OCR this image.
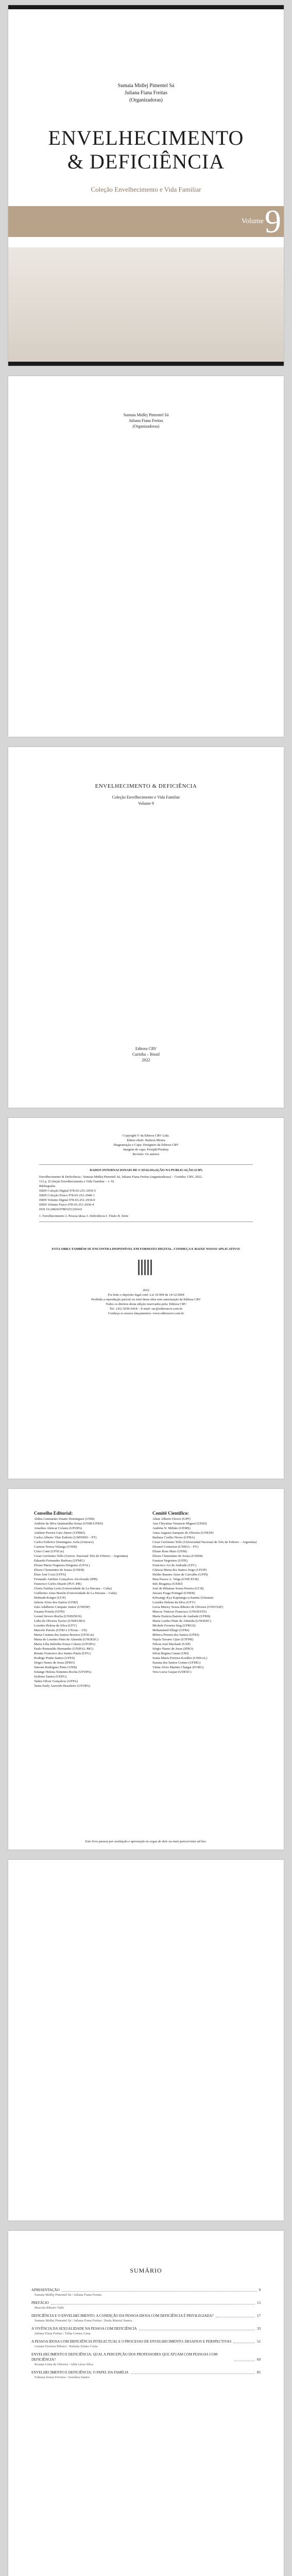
Sumaia Midlej Pimentel Sá
Juliana Fiana Freitas
(Organizadoras)
ENVELHECIMENTO
& DEFICIÊNCIA
Coleção Envelhecimento e Vida Familiar
Volume9
Sumaia Midlej Pimentel Sá
Juliana Fiana Freitas
(Organizadoras)
ENVELHECIMENTO & DEFICIÊNCIA
Coleção Envelhecimento e Vida Familiar
Volume 9
Editora CRV
Curitiba – Brasil
2022
Copyright © da Editora CRV Ltda.
Editor-chefe: Railson Moura
Diagramação e Capa: Designers da Editora CRV
Imagem de capa: Freepik/Pixabay
Revisão: Os autores
DADOS INTERNACIONAIS DE CATALOGAÇÃO NA PUBLICAÇÃO (CIP)
Envelhecimento & Deficiência / Sumaia Midlej Pimentel Sá, Juliana Fiana Freitas (organizadoras) – Curitiba: CRV, 2022.
112 p. (Coleção Envelhecimento e Vida Familiar – v. 9)
Bibliografia
ISBN Coleção Digital 978-65-251-2939-5
ISBN Coleção Físico 978-65-251-2940-1
ISBN Volume Digital 978-65-251-2934-0
ISBN Volume Físico 978-65-251-2936-4
DOI 10.24824/978652512934.0
1. Envelhecimento 2. Pessoa idosa 3. Deficiência I. Título II. Série
ESTA OBRA TAMBÉM SE ENCONTRA DISPONÍVEL EM FORMATO DIGITAL. CONHEÇA E BAIXE NOSSO APLICATIVO!
2022
Foi feito o depósito legal conf. Lei 10.994 de 14/12/2004
Proibida a reprodução parcial ou total desta obra sem autorização da Editora CRV
Todos os direitos desta edição reservados pela: Editora CRV
Tel.: (41) 3039-6418 – E-mail: sac@editoracrv.com.br
Conheça os nossos lançamentos: www.editoracrv.com.br
Conselho Editorial:
Aldira Guimarães Duarte Domínguez (UNB)
Andréia da Silva Quintanilha Sousa (UNIR/UFRN)
Anselmo Alencar Colares (UFOPA)
Antônio Pereira Gaio Júnior (UFRRJ)
Carlos Alberto Vilar Estêvão (UMINHO – PT)
Carlos Federico Dominguez Avila (Unieuro)
Carmen Tereza Velanga (UNIR)
Celso Conti (UFSCar)
Cesar Gerónimo Tello (Univer. Nacional Três de Febrero – Argentina)
Eduardo Fernandes Barbosa (UFMG)
Elione Maria Nogueira Diogenes (UFAL)
Elizeu Clementino de Souza (UNEB)
Élsio José Corá (UFFS)
Fernando Antônio Gonçalves Alcoforado (IPB)
Francisco Carlos Duarte (PUC-PR)
Gloria Fariñas León (Universidade de La Havana – Cuba)
Guillermo Arias Beatón (Universidade de La Havana – Cuba)
Helmuth Krüger (UCP)
Jailson Alves dos Santos (UFRJ)
João Adalberto Campato Junior (UNESP)
Josania Portela (UFPI)
Leonel Severo Rocha (UNISINOS)
Lídia de Oliveira Xavier (UNIEURO)
Lourdes Helena da Silva (UFV)
Marcelo Paixão (UFRJ e UTexas – US)
Maria Cristina dos Santos Bezerra (UFSCar)
Maria de Lourdes Pinto de Almeida (UNOESC)
Maria Lília Imbiriba Sousa Colares (UFOPA)
Paulo Romualdo Hernandes (UNIFAL-MG)
Renato Francisco dos Santos Paula (UFG)
Rodrigo Pratte-Santos (UFES)
Sérgio Nunes de Jesus (IFRO)
Simone Rodrigues Pinto (UNB)
Solange Helena Ximenes-Rocha (UFOPA)
Sydione Santos (UEPG)
Tadeu Oliver Gonçalves (UFPA)
Tania Suely Azevedo Brasileiro (UFOPA)
Comitê Científico:
Altair Alberto Fávero (UPF)
Ana Chrystina Venancio Mignot (UERJ)
Andréia N. Militão (UEMS)
Anna Augusta Sampaio de Oliveira (UNESP)
Barbara Coelho Neves (UFBA)
Cesar Gerónimo Tello (Universidad Nacional de Três de Febrero – Argentina)
Diosnel Centurion (UNIDA – PY)
Eliane Rose Maio (UEM)
Elizeu Clementino de Souza (UNEB)
Fauston Negreiros (UFPI)
Francisco Ari de Andrade (UFC)
Gláucia Maria dos Santos Jorge (UFOP)
Helder Buenos Aires de Carvalho (UFPI)
Ilma Passos A. Veiga (UNICEUB)
Inês Bragança (UERJ)
José de Ribamar Sousa Pereira (UCB)
Jussara Fraga Portugal (UNEB)
Kilwangy Kya Kapitango-a-Samba (Unemat)
Lourdes Helena da Silva (UFV)
Lucia Marisy Souza Ribeiro de Oliveira (UNIVASF)
Marcos Vinicius Francisco (UNOESTE)
Maria Eurácia Barreto de Andrade (UFRB)
Maria Lurdes Pinto de Almeida (UNOESC)
Michele Ferreira Sieg (UFRGS)
Mohammed Elhajji (UFRJ)
Mônica Pereira dos Santos (UFRJ)
Najela Tavares Ujiie (UTFPR)
Nilson José Machado (USP)
Sérgio Nunes de Jesus (IFRO)
Silvia Regina Canan (URI)
Sonia Maria Ferreira Koehler (UNISAL)
Suzana dos Santos Gomes (UFMG)
Vânia Alves Martins Chaigar (FURG)
Vera Lucia Gaspar (UDESC)
Este livro passou por avaliação e aprovação às cegas de dois ou mais pareceristas ad hoc.
SUMÁRIO
APRESENTAÇÃO	9
Sumaia Midlej Pimentel Sá / Juliana Fiana Freitas
PREFÁCIO	13
Marcela Ribeiro Valle
DEFICIÊNCIA E O ENVELHECIMENTO: A CONDIÇÃO DA PESSOA IDOSA COM DEFICIÊNCIA É PRIVILEGIADA?	17
Sumaia Midlej Pimentel Sá / Juliana Fiana Freitas / Paula Marriel Santos
A VIVÊNCIA DA SEXUALIDADE NA PESSOA COM DEFICIÊNCIA	33
Juliana Fiana Freitas / Talita Gomes Lima
A PESSOA IDOSA COM DEFICIÊNCIA INTELECTUAL E O PROCESSO DE ENVELHECIMENTO: DESAFIOS E PERSPECTIVAS	51
Lisiane Ferreira Ribeiro / Rafaela Zulato Costa
ENVELHECIMENTO E DEFICIÊNCIA: QUAL A PERCEPÇÃO DOS PROFESSORES QUE ATUAM COM PESSOAS COM DEFICIÊNCIA?	69
Rosana Lima de Oliveira / Alda Lúcia Silva
ENVELHECIMENTO E DEFICIÊNCIA: O PAPEL DA FAMÍLIA	85
Fabiana Souza Ferreira / Josielma Santos
